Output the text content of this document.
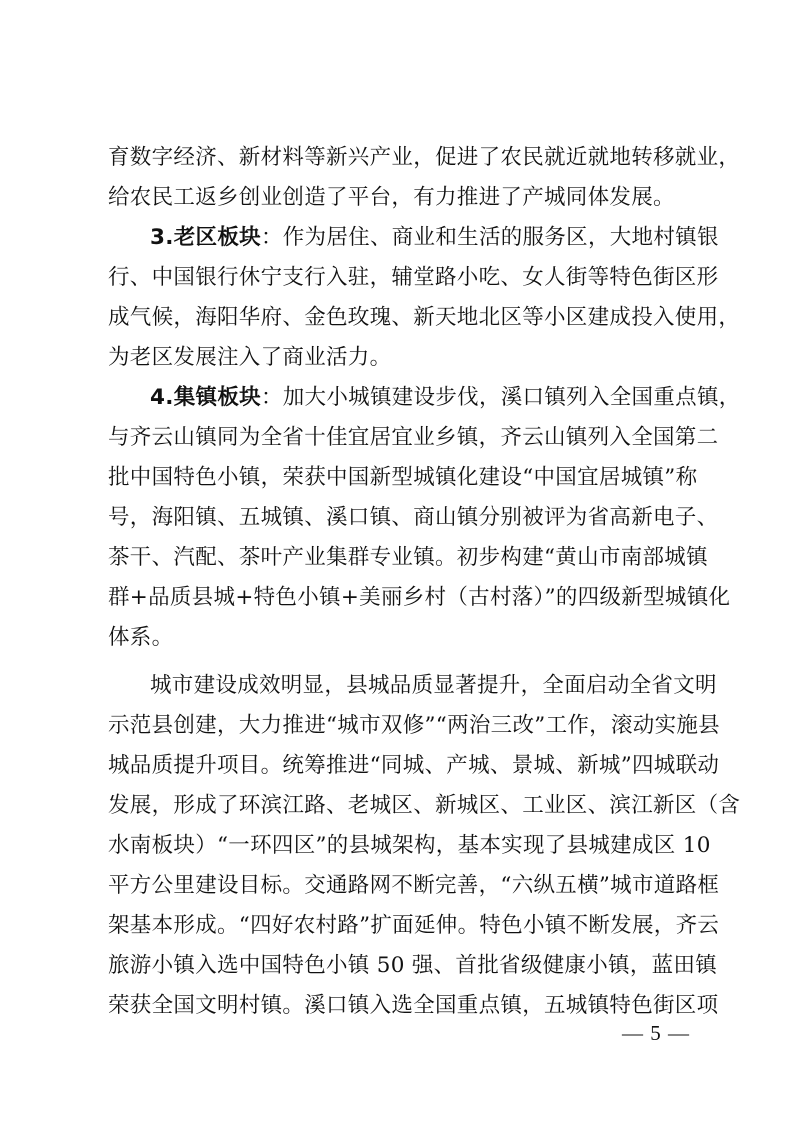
育数字经济、新材料等新兴产业，促进了农民就近就地转移就业，
给农民工返乡创业创造了平台，有力推进了产城同体发展。
3.老区板块：作为居住、商业和生活的服务区，大地村镇银
行、中国银行休宁支行入驻，辅堂路小吃、女人街等特色街区形
成气候，海阳华府、金色玫瑰、新天地北区等小区建成投入使用，
为老区发展注入了商业活力。
4.集镇板块：加大小城镇建设步伐，溪口镇列入全国重点镇，
与齐云山镇同为全省十佳宜居宜业乡镇，齐云山镇列入全国第二
批中国特色小镇，荣获中国新型城镇化建设“中国宜居城镇”称
号，海阳镇、五城镇、溪口镇、商山镇分别被评为省高新电子、
茶干、汽配、茶叶产业集群专业镇。初步构建“黄山市南部城镇
群+品质县城+特色小镇+美丽乡村（古村落）”的四级新型城镇化
体系。
城市建设成效明显，县城品质显著提升，全面启动全省文明
示范县创建，大力推进“城市双修”“两治三改”工作，滚动实施县
城品质提升项目。统筹推进“同城、产城、景城、新城”四城联动
发展，形成了环滨江路、老城区、新城区、工业区、滨江新区（含
水南板块）“一环四区”的县城架构，基本实现了县城建成区 10
平方公里建设目标。交通路网不断完善，“六纵五横”城市道路框
架基本形成。“四好农村路”扩面延伸。特色小镇不断发展，齐云
旅游小镇入选中国特色小镇 50 强、首批省级健康小镇，蓝田镇
荣获全国文明村镇。溪口镇入选全国重点镇，五城镇特色街区项
— 5 —
